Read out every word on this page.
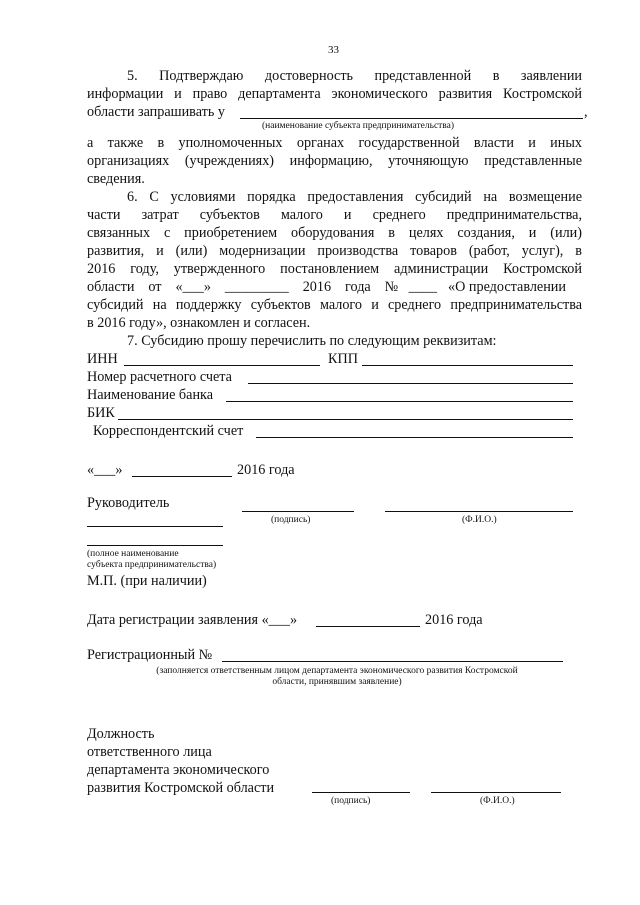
33
5. Подтверждаю достоверность представленной в заявлении
информации и право департамента экономического развития Костромской
области запрашивать у	,
(наименование субъекта предпринимательства)
а также в уполномоченных органах государственной власти и иных
организациях (учреждениях) информацию, уточняющую представленные
сведения.
6. С условиями порядка предоставления субсидий на возмещение
части затрат субъектов малого и среднего предпринимательства,
связанных с приобретением оборудования в целях создания, и (или)
развития, и (или) модернизации производства товаров (работ, услуг), в
2016 году, утвержденного постановлением администрации Костромской
области от «___» _________ 2016 года №____ «О предоставлении
субсидий на поддержку субъектов малого и среднего предпринимательства
в 2016 году», ознакомлен и согласен.
7. Субсидию прошу перечислить по следующим реквизитам:
ИНН	КПП
Номер расчетного счета
Наименование банка
БИК
Корреспондентский счет
«___»	2016 года
Руководитель
(подпись)	(Ф.И.О.)
(полное наименование
субъекта предпринимательства)
М.П. (при наличии)
Дата регистрации заявления «___»	2016 года
Регистрационный №
(заполняется ответственным лицом департамента экономического развития Костромской
области, принявшим заявление)
Должность
ответственного лица
департамента экономического
развития Костромской области
(подпись)	(Ф.И.О.)
